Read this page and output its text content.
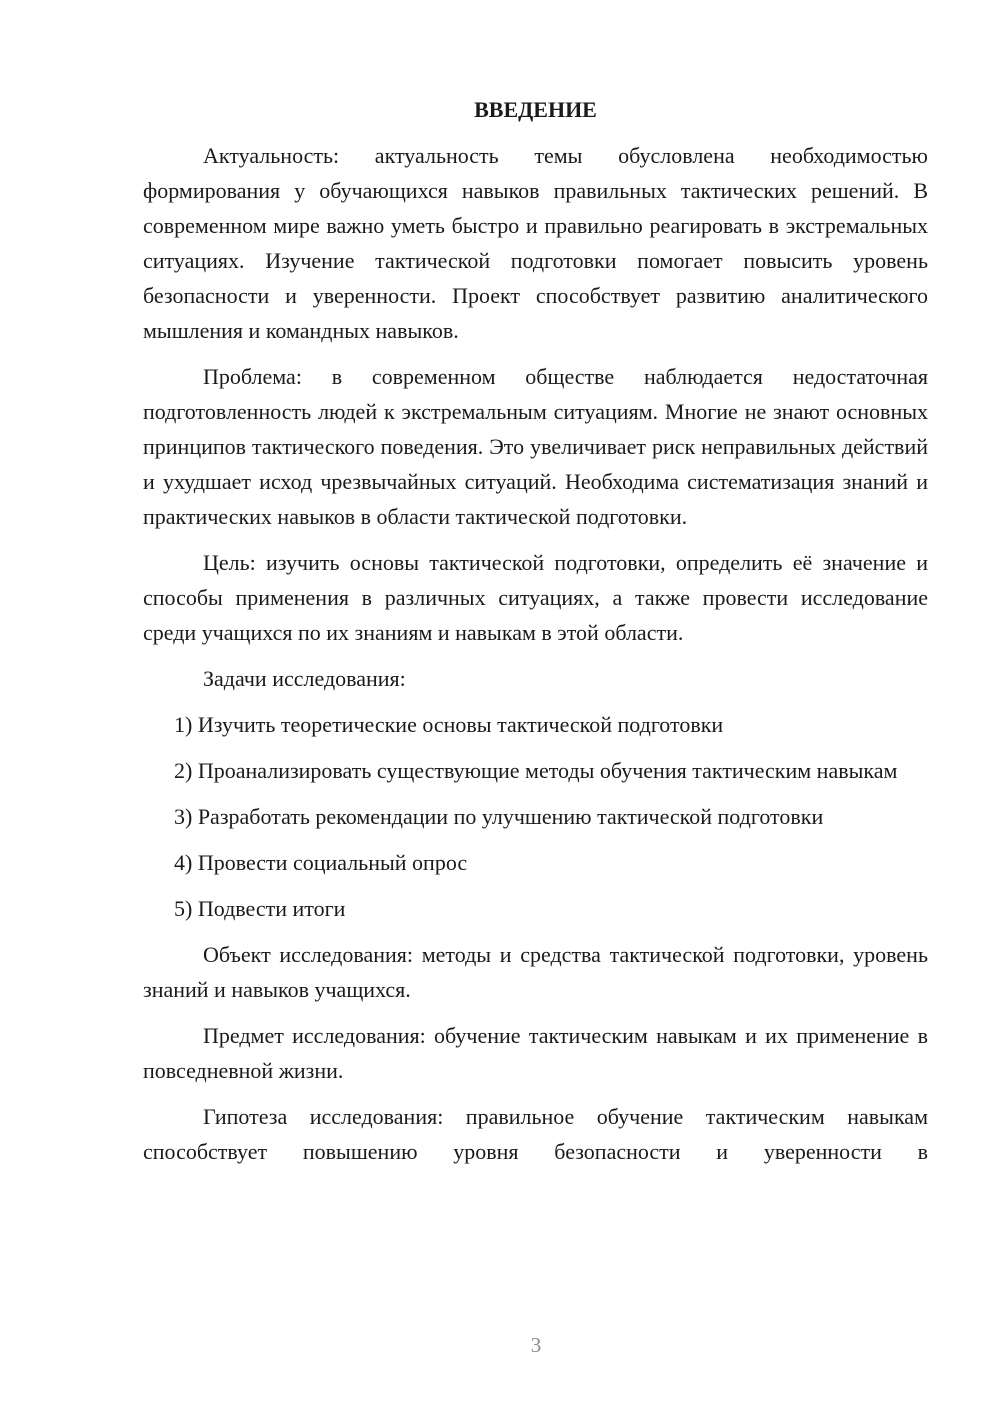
ВВЕДЕНИЕ

Актуальность: актуальность темы обусловлена необходимостью формирования у обучающихся навыков правильных тактических решений. В современном мире важно уметь быстро и правильно реагировать в экстремальных ситуациях. Изучение тактической подготовки помогает повысить уровень безопасности и уверенности. Проект способствует развитию аналитического мышления и командных навыков.

Проблема: в современном обществе наблюдается недостаточная подготовленность людей к экстремальным ситуациям. Многие не знают основных принципов тактического поведения. Это увеличивает риск неправильных действий и ухудшает исход чрезвычайных ситуаций. Необходима систематизация знаний и практических навыков в области тактической подготовки.

Цель: изучить основы тактической подготовки, определить её значение и способы применения в различных ситуациях, а также провести исследование среди учащихся по их знаниям и навыкам в этой области.

Задачи исследования:

1) Изучить теоретические основы тактической подготовки

2) Проанализировать существующие методы обучения тактическим навыкам

3) Разработать рекомендации по улучшению тактической подготовки

4) Провести социальный опрос

5) Подвести итоги

Объект исследования: методы и средства тактической подготовки, уровень знаний и навыков учащихся.

Предмет исследования: обучение тактическим навыкам и их применение в повседневной жизни.

Гипотеза исследования: правильное обучение тактическим навыкам способствует повышению уровня безопасности и уверенности в

3
